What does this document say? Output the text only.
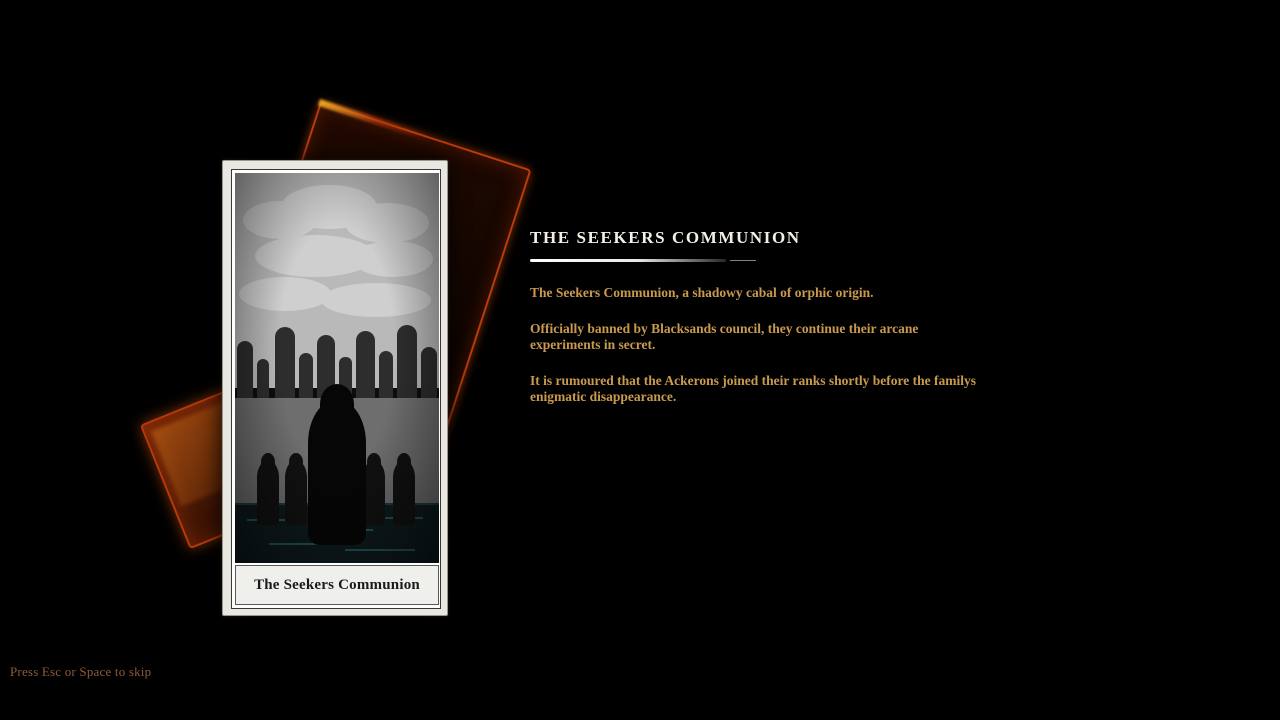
The Seekers Communion
THE SEEKERS COMMUNION

The Seekers Communion, a shadowy cabal of orphic origin.

Officially banned by Blacksands council, they continue their arcane experiments in secret.

It is rumoured that the Ackerons joined their ranks shortly before the familys enigmatic disappearance.

Press Esc or Space to skip
